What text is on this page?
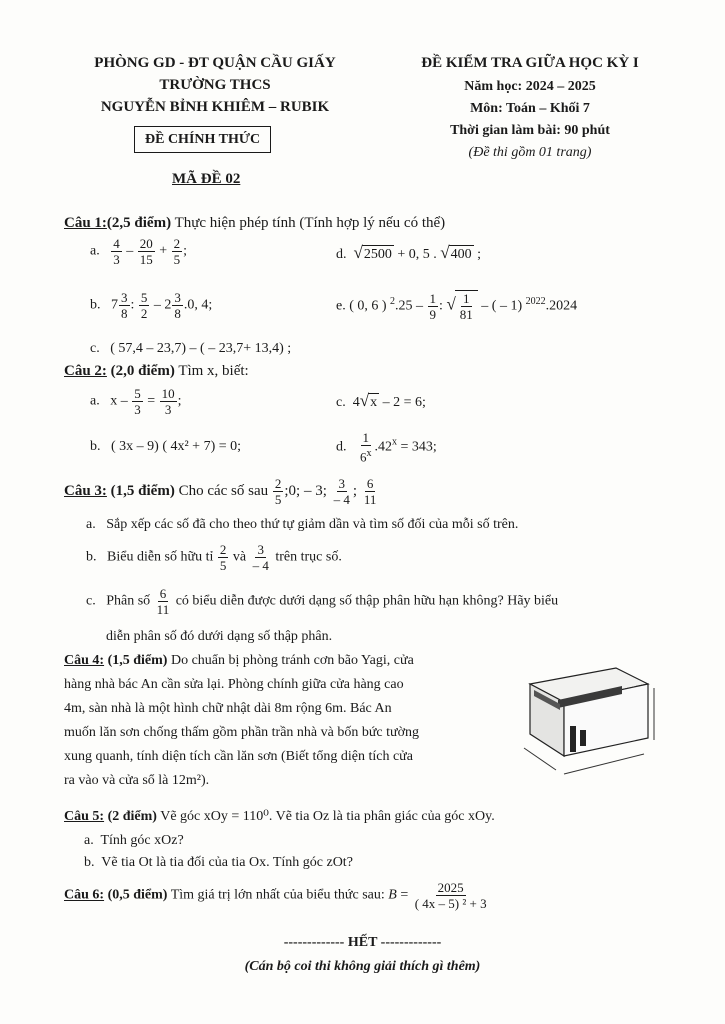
PHÒNG GD - ĐT QUẬN CẦU GIẤY
TRƯỜNG THCS
NGUYỄN BỈNH KHIÊM – RUBIK
ĐỀ CHÍNH THỨC
MÃ ĐỀ 02
ĐỀ KIỂM TRA GIỮA HỌC KỲ I
Năm học: 2024 – 2025
Môn: Toán – Khối 7
Thời gian làm bài: 90 phút
(Đề thi gồm 01 trang)
Câu 1:(2,5 điểm) Thực hiện phép tính (Tính hợp lý nếu có thể)
a. $\frac{4}{3} - \frac{20}{15} + \frac{2}{5}$ ;	d. √2500 + 0, 5 . √400 ;
b.   $7 \frac{3}{8}$ : $\frac{5}{2} - 2 \frac{3}{8} .0$, 4;	e. ( 0, 6 ) $^2.25 - \frac{1}{9}$ : √ $\frac{1}{81}$ – ( – 1) $^{2022}$.2024
c. ( 57,4 – 23,7) – ( – 23,7+ 13,4) ;
Câu 2: (2,0 điểm) Tìm x, biết:
a.   $x - \frac{5}{3} = \frac{10}{3}$ ;	c.  4√x – 2 = 6;
b. ( 3x – 9) ( 4x² + 7) = 0;	d. $\frac{1}{6^x} .42^x = 343$;
Câu 3: (1,5 điểm) Cho các số sau $\frac{2}{5}$ ;0; – 3; $\frac{3}{- 4}$ ; $\frac{6}{11}$
a. Sắp xếp các số đã cho theo thứ tự giảm dần và tìm số đối của mỗi số trên.
b. Biểu diễn số hữu tỉ $\frac{2}{5}$ và $\frac{3}{- 4}$ trên trục số.
c. Phân số $\frac{6}{11}$ có biểu diễn được dưới dạng số thập phân hữu hạn không? Hãy biểu
diễn phân số đó dưới dạng số thập phân.
Câu 4: (1,5 điểm) Do chuẩn bị phòng tránh cơn bão Yagi, cửa
hàng nhà bác An cần sửa lại. Phòng chính giữa cửa hàng cao
4m, sàn nhà là một hình chữ nhật dài 8m rộng 6m. Bác An
muốn lăn sơn chống thấm gồm phần trần nhà và bốn bức tường
xung quanh, tính diện tích cần lăn sơn (Biết tổng diện tích cửa
ra vào và cửa sổ là 12m²).
Câu 5: (2 điểm) Vẽ góc xOy = 110⁰. Vẽ tia Oz là tia phân giác của góc xOy.
a. Tính góc xOz?
b. Vẽ tia Ot là tia đối của tia Ox. Tính góc zOt?
Câu 6: (0,5 điểm) Tìm giá trị lớn nhất của biểu thức sau: $B = \frac{2025}{\text{( 4x – 5) ² + 3}}$
------------- HẾT -------------
(Cán bộ coi thi không giải thích gì thêm)
